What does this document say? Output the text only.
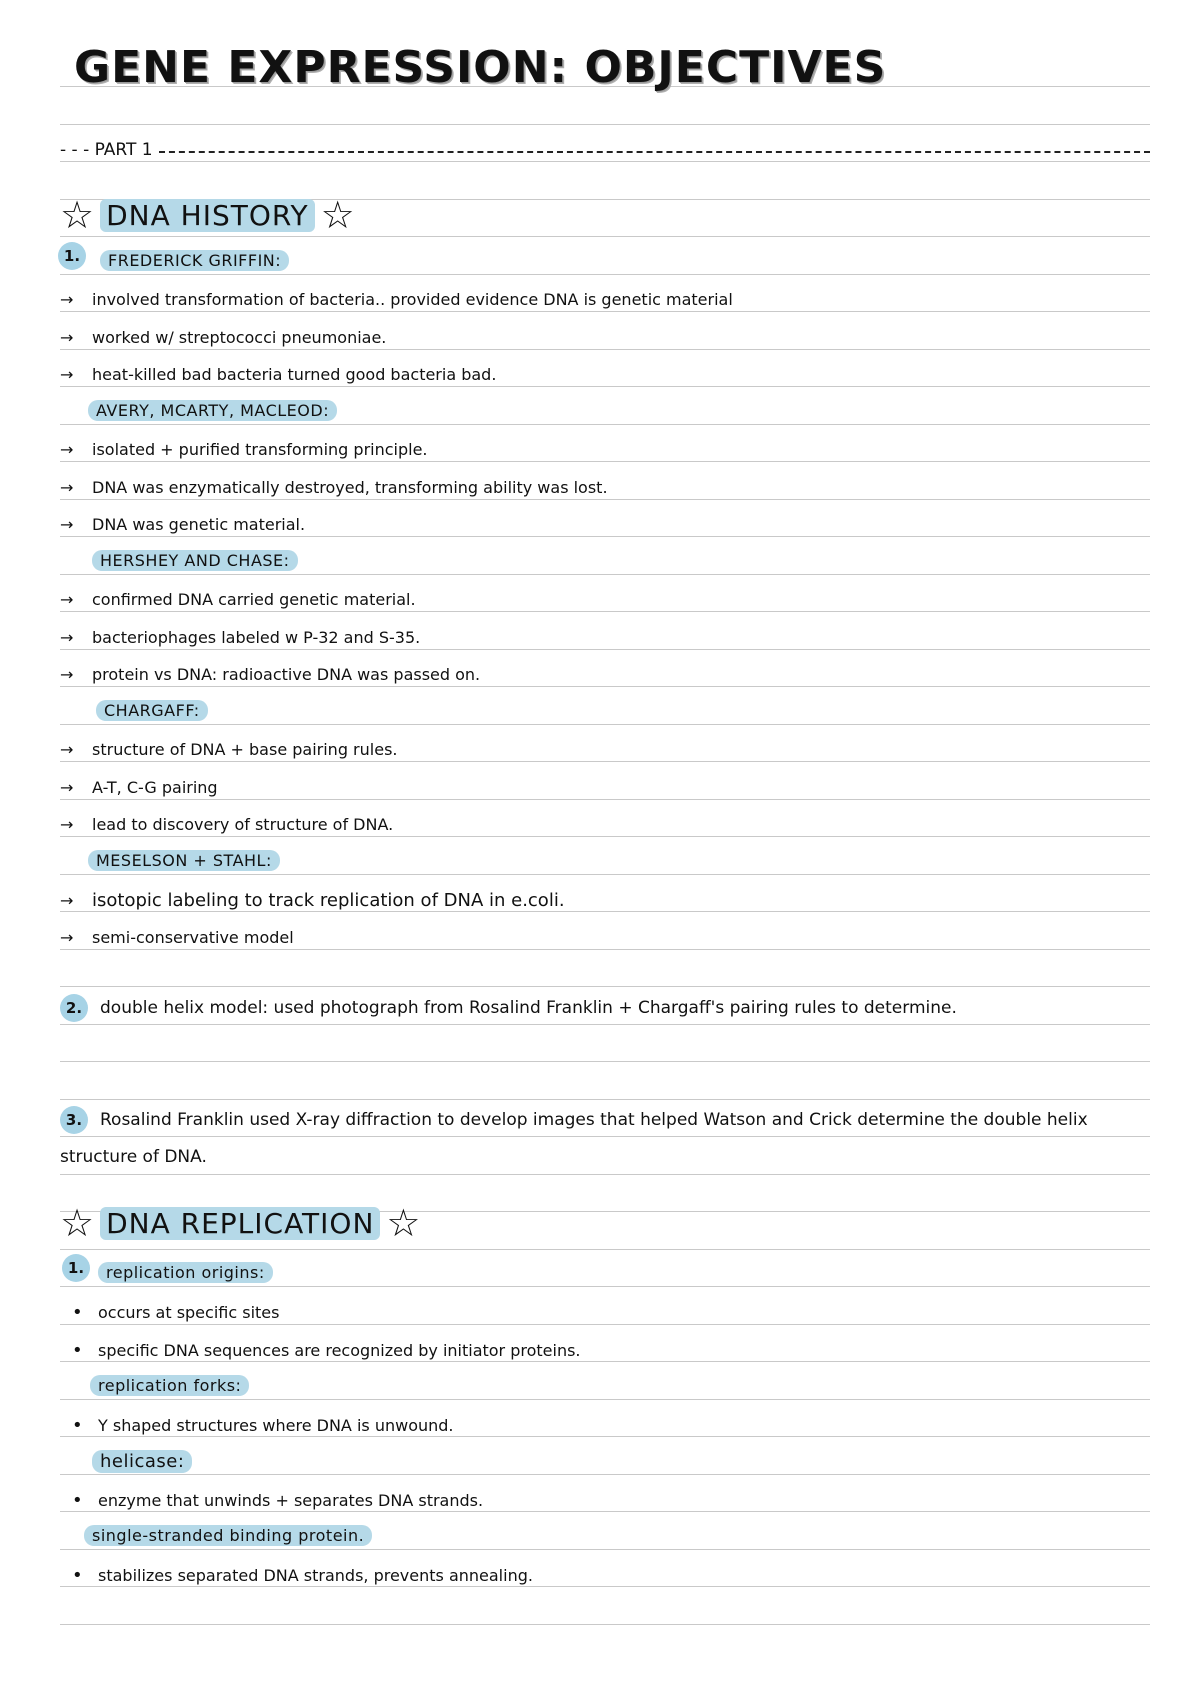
GENE EXPRESSION: OBJECTIVES
- - - PART 1
☆ DNA HISTORY ☆
1.	FREDERICK GRIFFIN:
→	involved transformation of bacteria.. provided evidence DNA is genetic material
→	worked w/ streptococci pneumoniae.
→	heat-killed bad bacteria turned good bacteria bad.
AVERY, MCARTY, MACLEOD:
→	isolated + purified transforming principle.
→	DNA was enzymatically destroyed, transforming ability was lost.
→	DNA was genetic material.
HERSHEY AND CHASE:
→	confirmed DNA carried genetic material.
→	bacteriophages labeled w P-32 and S-35.
→	protein vs DNA: radioactive DNA was passed on.
CHARGAFF:
→	structure of DNA + base pairing rules.
→	A-T, C-G pairing
→	lead to discovery of structure of DNA.
MESELSON + STAHL:
→	isotopic labeling to track replication of DNA in e.coli.
→	semi-conservative model
2. double helix model: used photograph from Rosalind Franklin + Chargaff's pairing rules to determine.
3. Rosalind Franklin used X-ray diffraction to develop images that helped Watson and Crick determine the double helix structure of DNA.
☆ DNA REPLICATION ☆
1.	replication origins:
• occurs at specific sites
• specific DNA sequences are recognized by initiator proteins.
replication forks:
• Y shaped structures where DNA is unwound.
helicase:
• enzyme that unwinds + separates DNA strands.
single-stranded binding protein.
• stabilizes separated DNA strands, prevents annealing.
